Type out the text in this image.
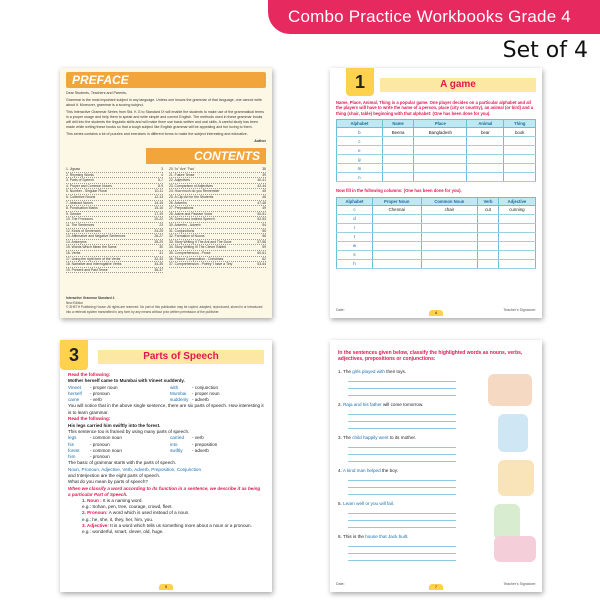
Combo Practice Workbooks Grade 4
Set of 4
PREFACE

Dear Students, Teachers and Parents,

Grammar is the most important subject in any language. Unless one knows the grammar of that language, one cannot write about it. Moreover, grammar is a scoring subject.

This Interactive Grammar Series from Std. K G to Standard IX will enable the students to make use of the grammatical terms in a proper usage and help them to speak and write simple and correct English. The methods used in these grammar books will drill into the students the linguistic skills and will make them use basic written and oral skills. A careful study has been made while writing these books so that a tough subject like English grammar will be appealing and fun loving to them.

This series contains a lot of puzzles and exercises in different forms to make the subject interesting and educative.

Author

CONTENTS
1. Jigsaw	3
2. Rhyming Words	4
3. Parts of Speech	5-7
4. Proper and Common Nouns	8-9
5. Number - Singular Plural	10-11
6. Collective Nouns	12-13
7. Abstract Nouns	14-15
8. Punctuation Marks	15-16
9. Gender	17-19
10. The Pronouns	20-22
11. The Sentences	23
12. Kinds of Sentences	24-25
13. Affirmative and Negative Sentences	26-27
14. Antonyms	28-29
15. Words Which Mean the Same	30
16. Verbs	31
17. Using the right form of the Verbs	32-33
18. Narrative and Interrogative Verbs	34-35
19. Present and Past Tense	36-37
20. 'Is' 'Are' 'Two'	38
21. Future Tense	39
22. Adjectives	40-41
23. Comparison of Adjectives	42-44
24. How much do you Remember	45
25. A Clip Art for the Students	46
26. Adverbs	47-48
27. Prepositions	49
28. Active and Passive Voice	50-51
29. Direct and Indirect Speech	52-53
30. Adverbs - Adverb	54
31. Conjunctions	55
32. Formation of Nouns	56
33. Story Writing II The Ant and The Dove	57-58
34. Story Writing III The Clever Rabbit	59
35. Comprehension - Prose	60-61
36. Picture Composition - Christmas	62
37. Comprehension - Poetry 'I have a Tiny'	63-64
Interactive Grammar Standard 4
New Edition
© SHETH Publishing House. All rights are reserved. No part of this publication may be copied, adapted, reproduced, stored in or introduced into a retrieval system transmitted in any form by any means without prior written permission of the publisher.
1	A game
Name, Place, Animal, Thing is a popular game. One player decides on a particular alphabet and all the players will have to write the name of a person, place (city or country), an animal (or bird) and a thing (chair, table) beginning with that alphabet: (One has been done for you).
Alphabet	Name	Place	Animal	Thing
b	Beena	Bangladesh	bear	book
c				
e				
g				
m				
n				
Now fill in the following columns: (One has been done for you).
Alphabet	Proper Noun	Common Noun	Verb	Adjective
c	Chennai	chair	cut	cunning
d				
r				
t				
w				
s				
h				
Date:	Teacher's Signature:
4
3	Parts of Speech
Read the following:
Mother herself came to Mumbai with Vineet suddenly.
Vineet	- proper noun	with	- conjunction
herself	- pronoun	Mumbai	- proper noun
came	- verb	suddenly - adverb
You will notice that in the above single sentence, there are six parts of speech. How interesting it is to learn grammar.
Read the following:
His legs carried him swiftly into the forest.
This sentence too is framed by using many parts of speech.
legs	- common noun	carried	- verb
his	- pronoun	into	- preposition
forest	- common noun	swiftly	- adverb
him	- pronoun
The basic of grammar starts with the parts of speech.
Noun, Pronoun, Adjective, Verb, Adverb, Preposition, Conjunction
and Interjection are the eight parts of speech.
What do you mean by parts of speech?
When we classify a word according to its function in a sentence, we describe it as being a particular Part of Speech.
1. Noun : It is a naming word.
e.g.: Sohan, pen, tree, courage, crowd, fleet.
2. Pronoun: A word which is used instead of a noun.
e.g.: he, she, it, they, her, him, you.
3. Adjective: It is a word which tells us something more about a noun or a pronoun.
e.g.: wonderful, smart, clever, old, huge.
5
In the sentences given below, classify the highlighted words as nouns, verbs, adjectives, prepositions or conjunctions:
1. The girls played with their toys.
2. Raja and his father will come tomorrow.
3. The child happily went to its mother.
4. A kind man helped the boy.
5. Learn well or you will fail.
6. This is the house that Jack built.
Date:	Teacher's Signature:
7
